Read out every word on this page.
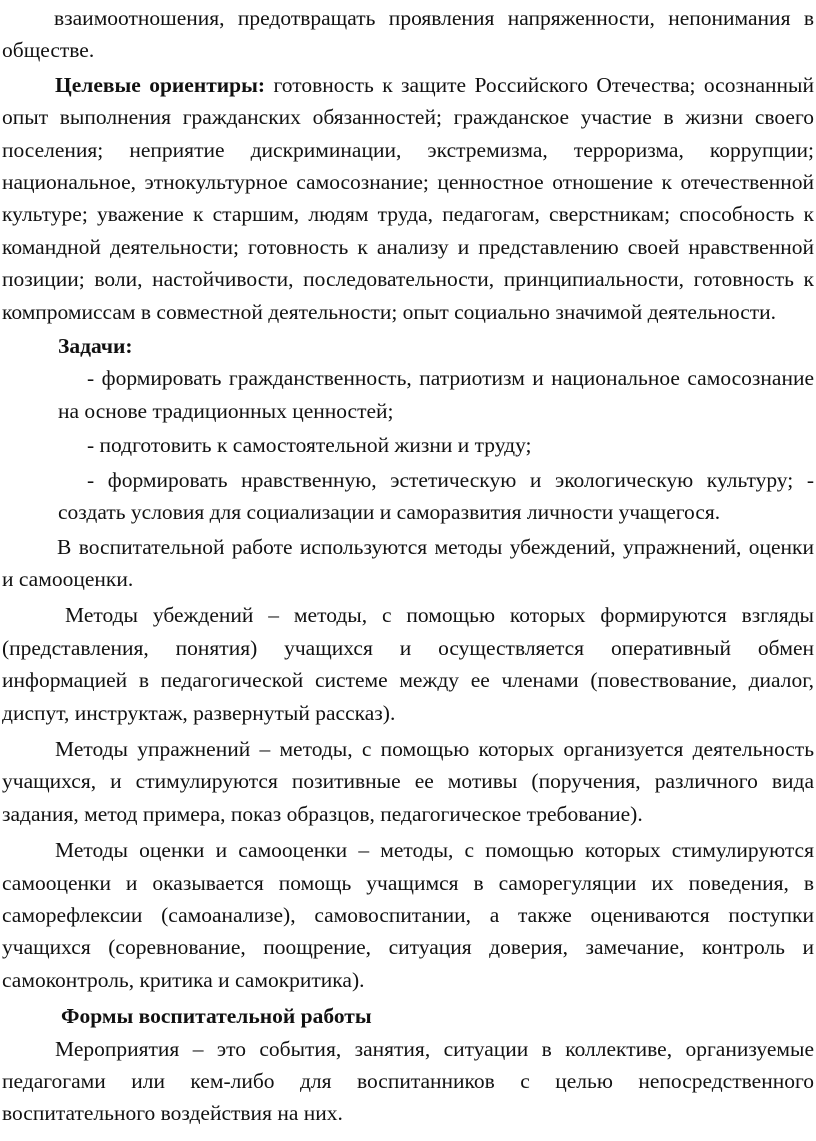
взаимоотношения, предотвращать проявления напряженности, непонимания в обществе.

Целевые ориентиры: готовность к защите Российского Отечества; осознанный опыт выполнения гражданских обязанностей; гражданское участие в жизни своего поселения; неприятие дискриминации, экстремизма, терроризма, коррупции; национальное, этнокультурное самосознание; ценностное отношение к отечественной культуре; уважение к старшим, людям труда, педагогам, сверстникам; способность к командной деятельности; готовность к анализу и представлению своей нравственной позиции; воли, настойчивости, последовательности, принципиальности, готовность к компромиссам в совместной деятельности; опыт социально значимой деятельности.

Задачи:

- формировать гражданственность, патриотизм и национальное самосознание на основе традиционных ценностей;

- подготовить к самостоятельной жизни и труду;

- формировать нравственную, эстетическую и экологическую культуру; - создать условия для социализации и саморазвития личности учащегося.

В воспитательной работе используются методы убеждений, упражнений, оценки и самооценки.

Методы убеждений – методы, с помощью которых формируются взгляды (представления, понятия) учащихся и осуществляется оперативный обмен информацией в педагогической системе между ее членами (повествование, диалог, диспут, инструктаж, развернутый рассказ).

Методы упражнений – методы, с помощью которых организуется деятельность учащихся, и стимулируются позитивные ее мотивы (поручения, различного вида задания, метод примера, показ образцов, педагогическое требование).

Методы оценки и самооценки – методы, с помощью которых стимулируются самооценки и оказывается помощь учащимся в саморегуляции их поведения, в саморефлексии (самоанализе), самовоспитании, а также оцениваются поступки учащихся (соревнование, поощрение, ситуация доверия, замечание, контроль и самоконтроль, критика и самокритика).

Формы воспитательной работы

Мероприятия – это события, занятия, ситуации в коллективе, организуемые педагогами или кем-либо для воспитанников с целью непосредственного воспитательного воздействия на них.
